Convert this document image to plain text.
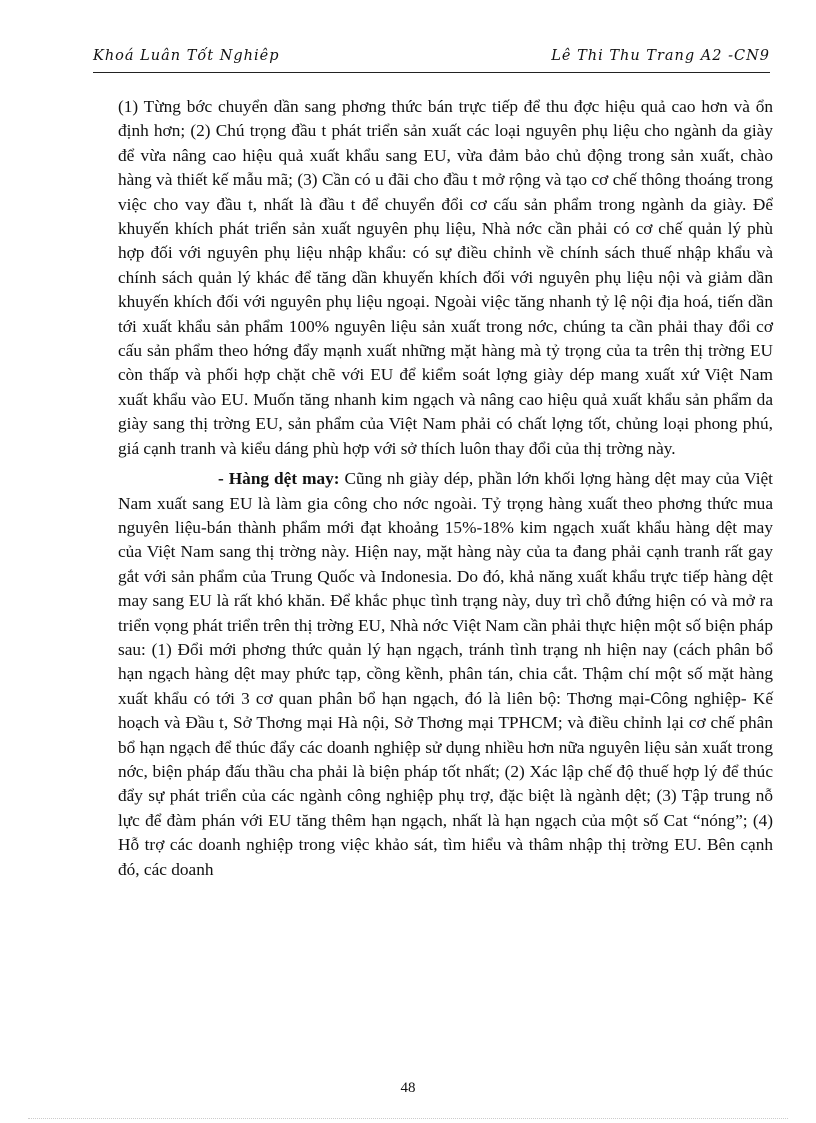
Khoá Luân Tốt Nghiêp	Lê Thi Thu Trang A2 -CN9

(1) Từng bớc chuyển dần sang phơng thức bán trực tiếp để thu đợc hiệu quả cao hơn và ổn định hơn; (2) Chú trọng đầu t phát triển sản xuất các loại nguyên phụ liệu cho ngành da giày để vừa nâng cao hiệu quả xuất khẩu sang EU, vừa đảm bảo chủ động trong sản xuất, chào hàng và thiết kế mẫu mã; (3) Cần có u đãi cho đầu t mở rộng và tạo cơ chế thông thoáng trong việc cho vay đầu t, nhất là đầu t để chuyển đổi cơ cấu sản phẩm trong ngành da giày. Để khuyến khích phát triển sản xuất nguyên phụ liệu, Nhà nớc cần phải có cơ chế quản lý phù hợp đối với nguyên phụ liệu nhập khẩu: có sự điều chỉnh về chính sách thuế nhập khẩu và chính sách quản lý khác để tăng dần khuyến khích đối với nguyên phụ liệu nội và giảm dần khuyến khích đối với nguyên phụ liệu ngoại. Ngoài việc tăng nhanh tỷ lệ nội địa hoá, tiến dần tới xuất khẩu sản phẩm 100% nguyên liệu sản xuất trong nớc, chúng ta cần phải thay đổi cơ cấu sản phẩm theo hớng đẩy mạnh xuất những mặt hàng mà tỷ trọng của ta trên thị trờng EU còn thấp và phối hợp chặt chẽ với EU để kiểm soát lợng giày dép mang xuất xứ Việt Nam xuất khẩu vào EU. Muốn tăng nhanh kim ngạch và nâng cao hiệu quả xuất khẩu sản phẩm da giày sang thị trờng EU, sản phẩm của Việt Nam phải có chất lợng tốt, chủng loại phong phú, giá cạnh tranh và kiểu dáng phù hợp với sở thích luôn thay đổi của thị trờng này.

- Hàng dệt may: Cũng nh giày dép, phần lớn khối lợng hàng dệt may của Việt Nam xuất sang EU là làm gia công cho nớc ngoài. Tỷ trọng hàng xuất theo phơng thức mua nguyên liệu-bán thành phẩm mới đạt khoảng 15%-18% kim ngạch xuất khẩu hàng dệt may của Việt Nam sang thị trờng này. Hiện nay, mặt hàng này của ta đang phải cạnh tranh rất gay gắt với sản phẩm của Trung Quốc và Indonesia. Do đó, khả năng xuất khẩu trực tiếp hàng dệt may sang EU là rất khó khăn. Để khắc phục tình trạng này, duy trì chỗ đứng hiện có và mở ra triển vọng phát triển trên thị trờng EU, Nhà nớc Việt Nam cần phải thực hiện một số biện pháp sau: (1) Đổi mới phơng thức quản lý hạn ngạch, tránh tình trạng nh hiện nay (cách phân bổ hạn ngạch hàng dệt may phức tạp, cồng kềnh, phân tán, chia cắt. Thậm chí một số mặt hàng xuất khẩu có tới 3 cơ quan phân bổ hạn ngạch, đó là liên bộ: Thơng mại-Công nghiệp- Kế hoạch và Đầu t, Sở Thơng mại Hà nội, Sở Thơng mại TPHCM; và điều chỉnh lại cơ chế phân bổ hạn ngạch để thúc đẩy các doanh nghiệp sử dụng nhiều hơn nữa nguyên liệu sản xuất trong nớc, biện pháp đấu thầu cha phải là biện pháp tốt nhất; (2) Xác lập chế độ thuế hợp lý để thúc đẩy sự phát triển của các ngành công nghiệp phụ trợ, đặc biệt là ngành dệt; (3) Tập trung nỗ lực để đàm phán với EU tăng thêm hạn ngạch, nhất là hạn ngạch của một số Cat “nóng”; (4) Hỗ trợ các doanh nghiệp trong việc khảo sát, tìm hiểu và thâm nhập thị trờng EU. Bên cạnh đó, các doanh

48
